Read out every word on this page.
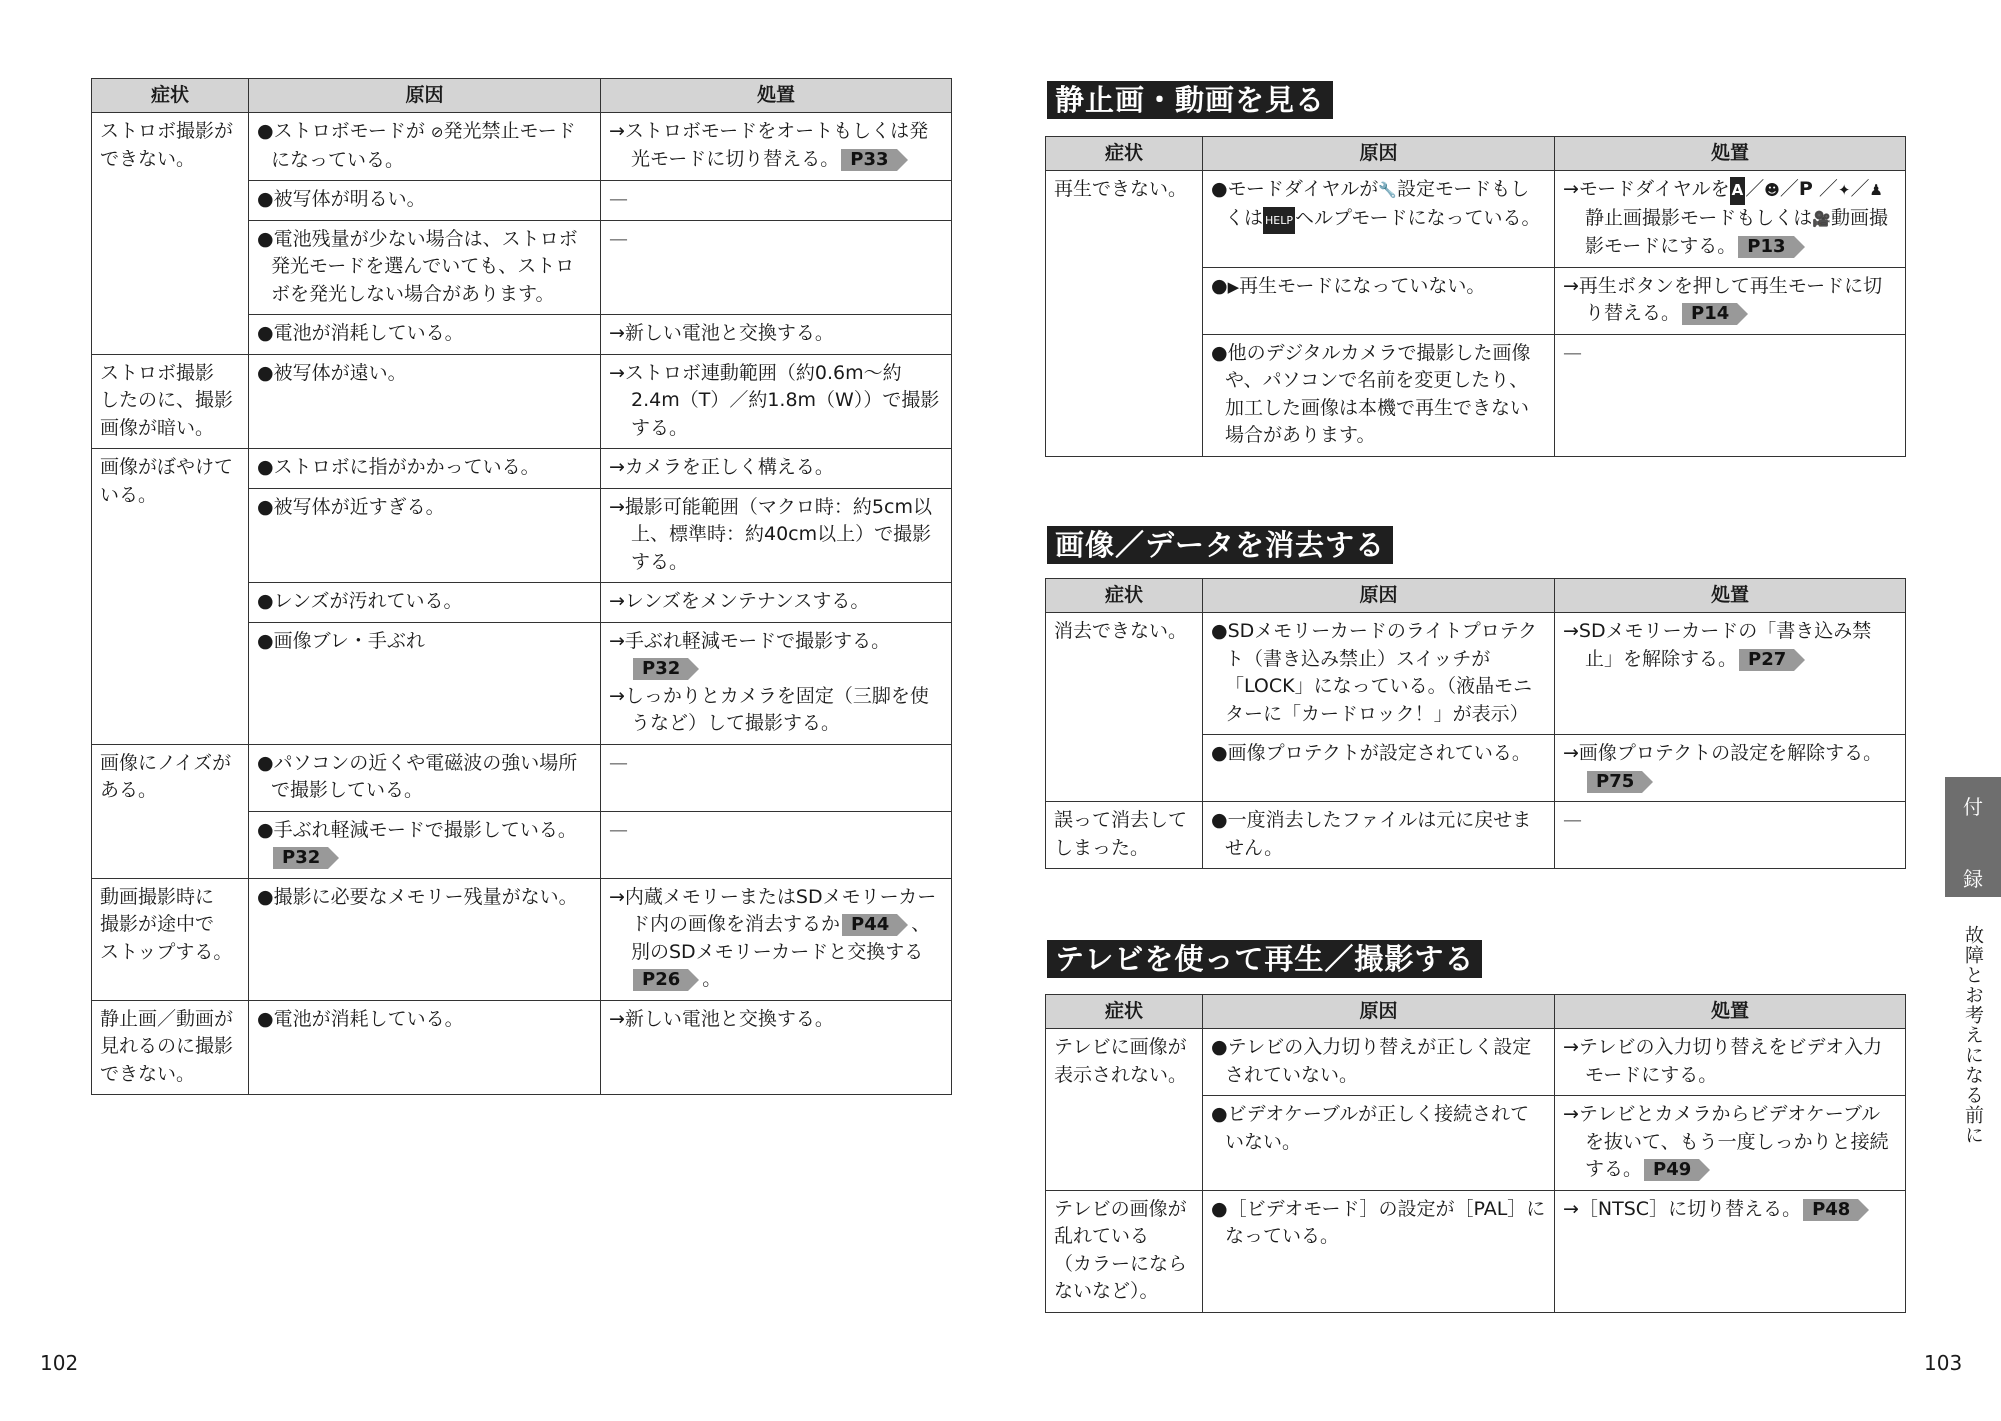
症状	原因	処置
ストロボ撮影が
できない。	●ストロボモードが ⊘発光禁止モードになっている。	→ストロボモードをオートもしくは発光モードに切り替える。 P33

	●被写体が明るい。	—

	●電池残量が少ない場合は、ストロボ発光モードを選んでいても、ストロボを発光しない場合があります。	—

	●電池が消耗している。	→新しい電池と交換する。

ストロボ撮影
したのに、撮影
画像が暗い。	●被写体が遠い。	→ストロボ連動範囲（約0.6m〜約2.4m（T）／約1.8m（W））で撮影する。

画像がぼやけて
いる。	●ストロボに指がかかっている。	→カメラを正しく構える。

	●被写体が近すぎる。	→撮影可能範囲（マクロ時：約5cm以上、標準時：約40cm以上）で撮影する。

	●レンズが汚れている。	→レンズをメンテナンスする。

	●画像ブレ・手ぶれ	→手ぶれ軽減モードで撮影する。
P32
→しっかりとカメラを固定（三脚を使うなど）して撮影する。

画像にノイズが
ある。	●パソコンの近くや電磁波の強い場所で撮影している。	—

	●手ぶれ軽減モードで撮影している。
P32	—
動画撮影時に
撮影が途中で
ストップする。	●撮影に必要なメモリー残量がない。	→内蔵メモリーまたはSDメモリーカード内の画像を消去するか P44 、別のSDメモリーカードと交換するP26 。

静止画／動画が
見れるのに撮影
できない。	●電池が消耗している。	→新しい電池と交換する。
102
静止画・動画を見る
症状	原因	処置
再生できない。	●モードダイヤルが🔧設定モードもしくは HELP ヘルプモードになっている。	→モードダイヤルを A ／☻／P ／✦／♟静止画撮影モードもしくは🎥動画撮影モードにする。 P13

	●▶再生モードになっていない。	→再生ボタンを押して再生モードに切り替える。 P14

	●他のデジタルカメラで撮影した画像や、パソコンで名前を変更したり、加工した画像は本機で再生できない場合があります。	—
画像／データを消去する
症状	原因	処置
消去できない。	●SDメモリーカードのライトプロテクト（書き込み禁止）スイッチが「LOCK」になっている。（液晶モニターに「カードロック！」が表示）	→SDメモリーカードの「書き込み禁止」を解除する。 P27

	●画像プロテクトが設定されている。	→画像プロテクトの設定を解除する。
P75

誤って消去して
しまった。	●一度消去したファイルは元に戻せません。	—
テレビを使って再生／撮影する
症状	原因	処置
テレビに画像が
表示されない。	●テレビの入力切り替えが正しく設定されていない。	→テレビの入力切り替えをビデオ入力モードにする。

	●ビデオケーブルが正しく接続されていない。	→テレビとカメラからビデオケーブルを抜いて、もう一度しっかりと接続する。 P49

テレビの画像が
乱れている
（カラーになら
ないなど）。	●［ビデオモード］の設定が［PAL］になっている。	→［NTSC］に切り替える。 P48
付
録
故障とお考えになる前に
103
